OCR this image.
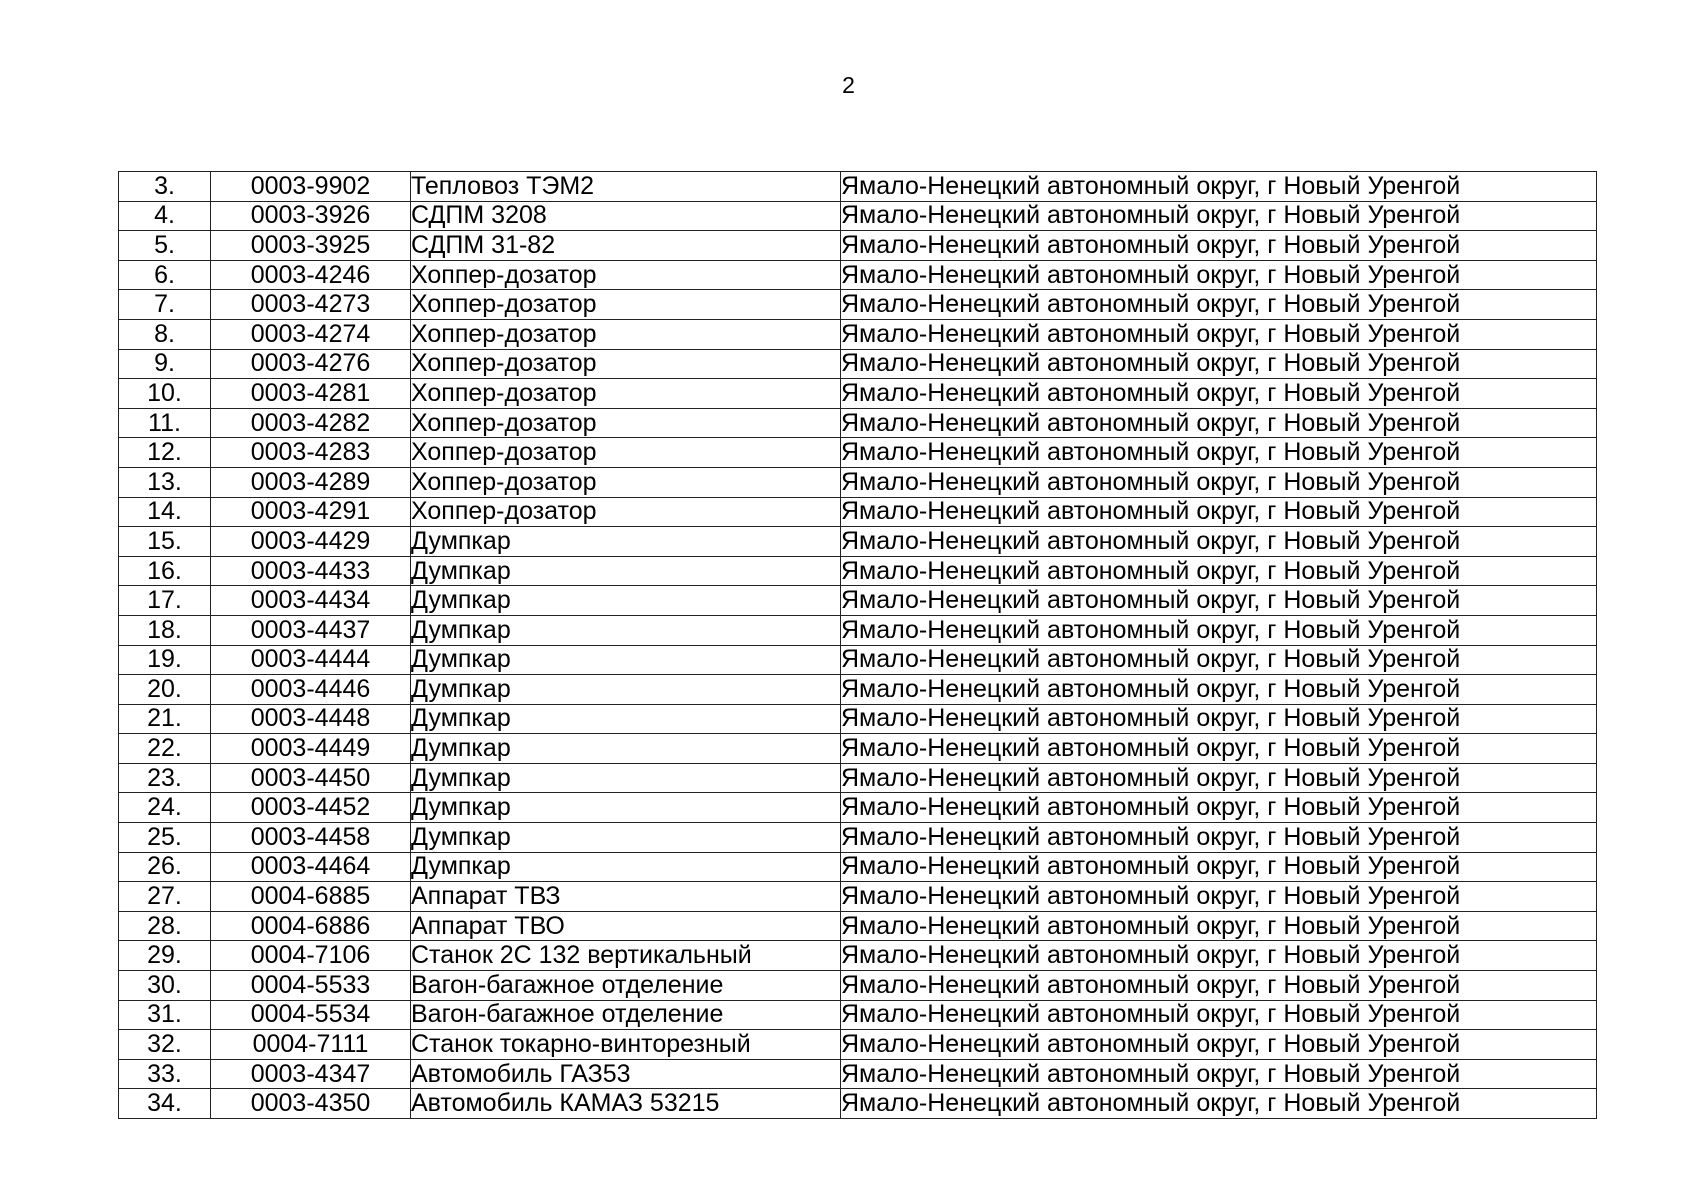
2
3.	0003-9902	Тепловоз ТЭМ2	Ямало-Ненецкий автономный округ, г Новый Уренгой
4.	0003-3926	СДПМ 3208	Ямало-Ненецкий автономный округ, г Новый Уренгой
5.	0003-3925	СДПМ 31-82	Ямало-Ненецкий автономный округ, г Новый Уренгой
6.	0003-4246	Хоппер-дозатор	Ямало-Ненецкий автономный округ, г Новый Уренгой
7.	0003-4273	Хоппер-дозатор	Ямало-Ненецкий автономный округ, г Новый Уренгой
8.	0003-4274	Хоппер-дозатор	Ямало-Ненецкий автономный округ, г Новый Уренгой
9.	0003-4276	Хоппер-дозатор	Ямало-Ненецкий автономный округ, г Новый Уренгой
10.	0003-4281	Хоппер-дозатор	Ямало-Ненецкий автономный округ, г Новый Уренгой
11.	0003-4282	Хоппер-дозатор	Ямало-Ненецкий автономный округ, г Новый Уренгой
12.	0003-4283	Хоппер-дозатор	Ямало-Ненецкий автономный округ, г Новый Уренгой
13.	0003-4289	Хоппер-дозатор	Ямало-Ненецкий автономный округ, г Новый Уренгой
14.	0003-4291	Хоппер-дозатор	Ямало-Ненецкий автономный округ, г Новый Уренгой
15.	0003-4429	Думпкар	Ямало-Ненецкий автономный округ, г Новый Уренгой
16.	0003-4433	Думпкар	Ямало-Ненецкий автономный округ, г Новый Уренгой
17.	0003-4434	Думпкар	Ямало-Ненецкий автономный округ, г Новый Уренгой
18.	0003-4437	Думпкар	Ямало-Ненецкий автономный округ, г Новый Уренгой
19.	0003-4444	Думпкар	Ямало-Ненецкий автономный округ, г Новый Уренгой
20.	0003-4446	Думпкар	Ямало-Ненецкий автономный округ, г Новый Уренгой
21.	0003-4448	Думпкар	Ямало-Ненецкий автономный округ, г Новый Уренгой
22.	0003-4449	Думпкар	Ямало-Ненецкий автономный округ, г Новый Уренгой
23.	0003-4450	Думпкар	Ямало-Ненецкий автономный округ, г Новый Уренгой
24.	0003-4452	Думпкар	Ямало-Ненецкий автономный округ, г Новый Уренгой
25.	0003-4458	Думпкар	Ямало-Ненецкий автономный округ, г Новый Уренгой
26.	0003-4464	Думпкар	Ямало-Ненецкий автономный округ, г Новый Уренгой
27.	0004-6885	Аппарат ТВЗ	Ямало-Ненецкий автономный округ, г Новый Уренгой
28.	0004-6886	Аппарат ТВО	Ямало-Ненецкий автономный округ, г Новый Уренгой
29.	0004-7106	Станок 2С 132 вертикальный	Ямало-Ненецкий автономный округ, г Новый Уренгой
30.	0004-5533	Вагон-багажное отделение	Ямало-Ненецкий автономный округ, г Новый Уренгой
31.	0004-5534	Вагон-багажное отделение	Ямало-Ненецкий автономный округ, г Новый Уренгой
32.	0004-7111	Станок токарно-винторезный	Ямало-Ненецкий автономный округ, г Новый Уренгой
33.	0003-4347	Автомобиль ГАЗ53	Ямало-Ненецкий автономный округ, г Новый Уренгой
34.	0003-4350	Автомобиль КАМАЗ 53215	Ямало-Ненецкий автономный округ, г Новый Уренгой
